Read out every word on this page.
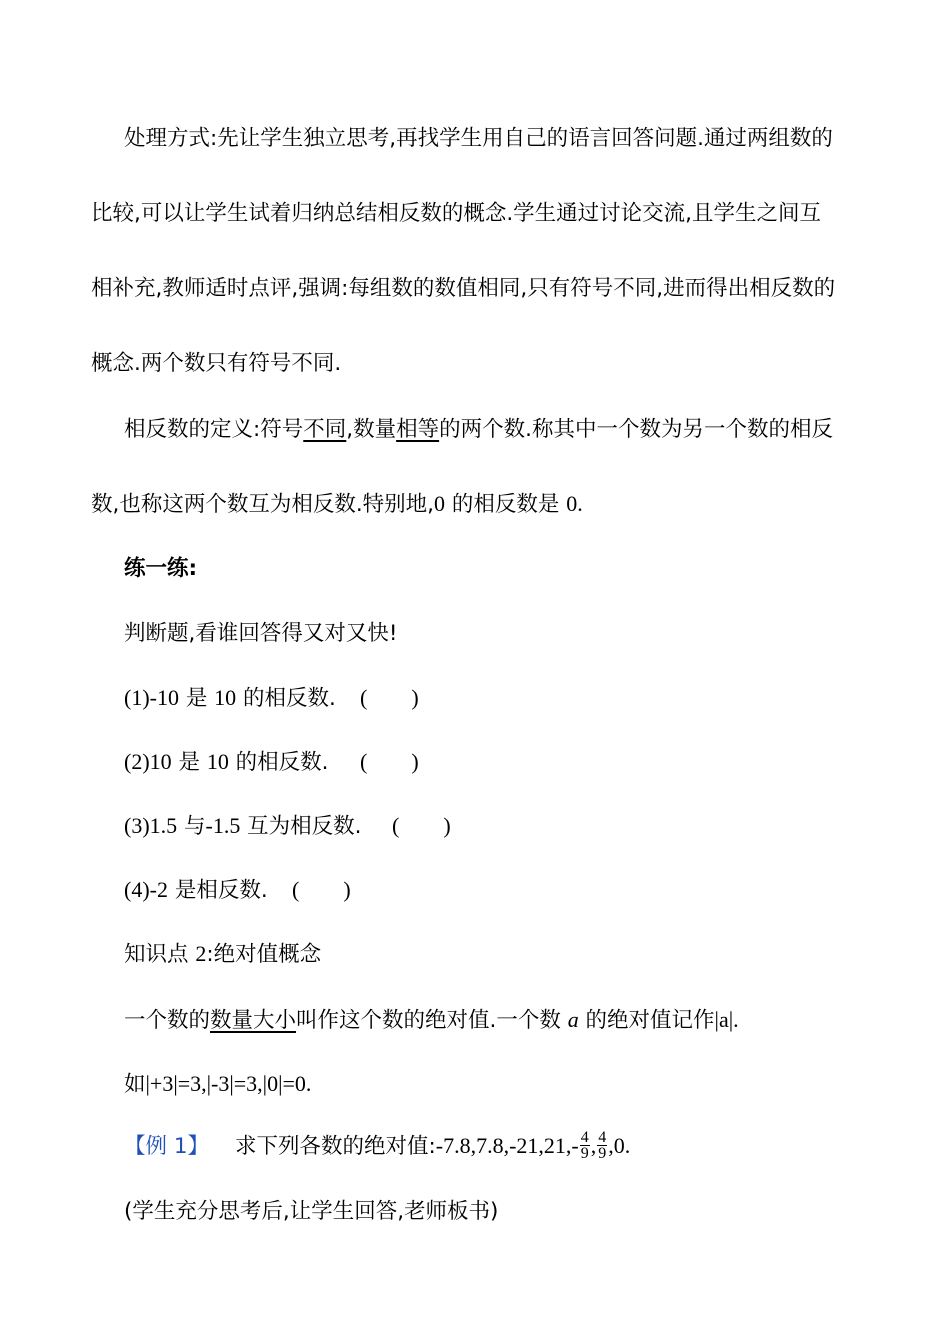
处理方式:先让学生独立思考,再找学生用自己的语言回答问题.通过两组数的
比较,可以让学生试着归纳总结相反数的概念.学生通过讨论交流,且学生之间互
相补充,教师适时点评,强调:每组数的数值相同,只有符号不同,进而得出相反数的
概念.两个数只有符号不同.
相反数的定义:符号不同,数量相等的两个数.称其中一个数为另一个数的相反
数,也称这两个数互为相反数.特别地,0 的相反数是 0.
练一练:
判断题,看谁回答得又对又快!
(1)-10 是 10 的相反数. (        )
(2)10 是 10 的相反数. (        )
(3)1.5 与-1.5 互为相反数. (        )
(4)-2 是相反数. (        )
知识点 2:绝对值概念
一个数的数量大小叫作这个数的绝对值.一个数 a 的绝对值记作|a|.
如|+3|=3,|-3|=3,|0|=0.
【例 1】 求下列各数的绝对值:-7.8,7.8,-21,21,- $\frac{4}{9}$ , $\frac{4}{9} ,0$.
(学生充分思考后,让学生回答,老师板书)
